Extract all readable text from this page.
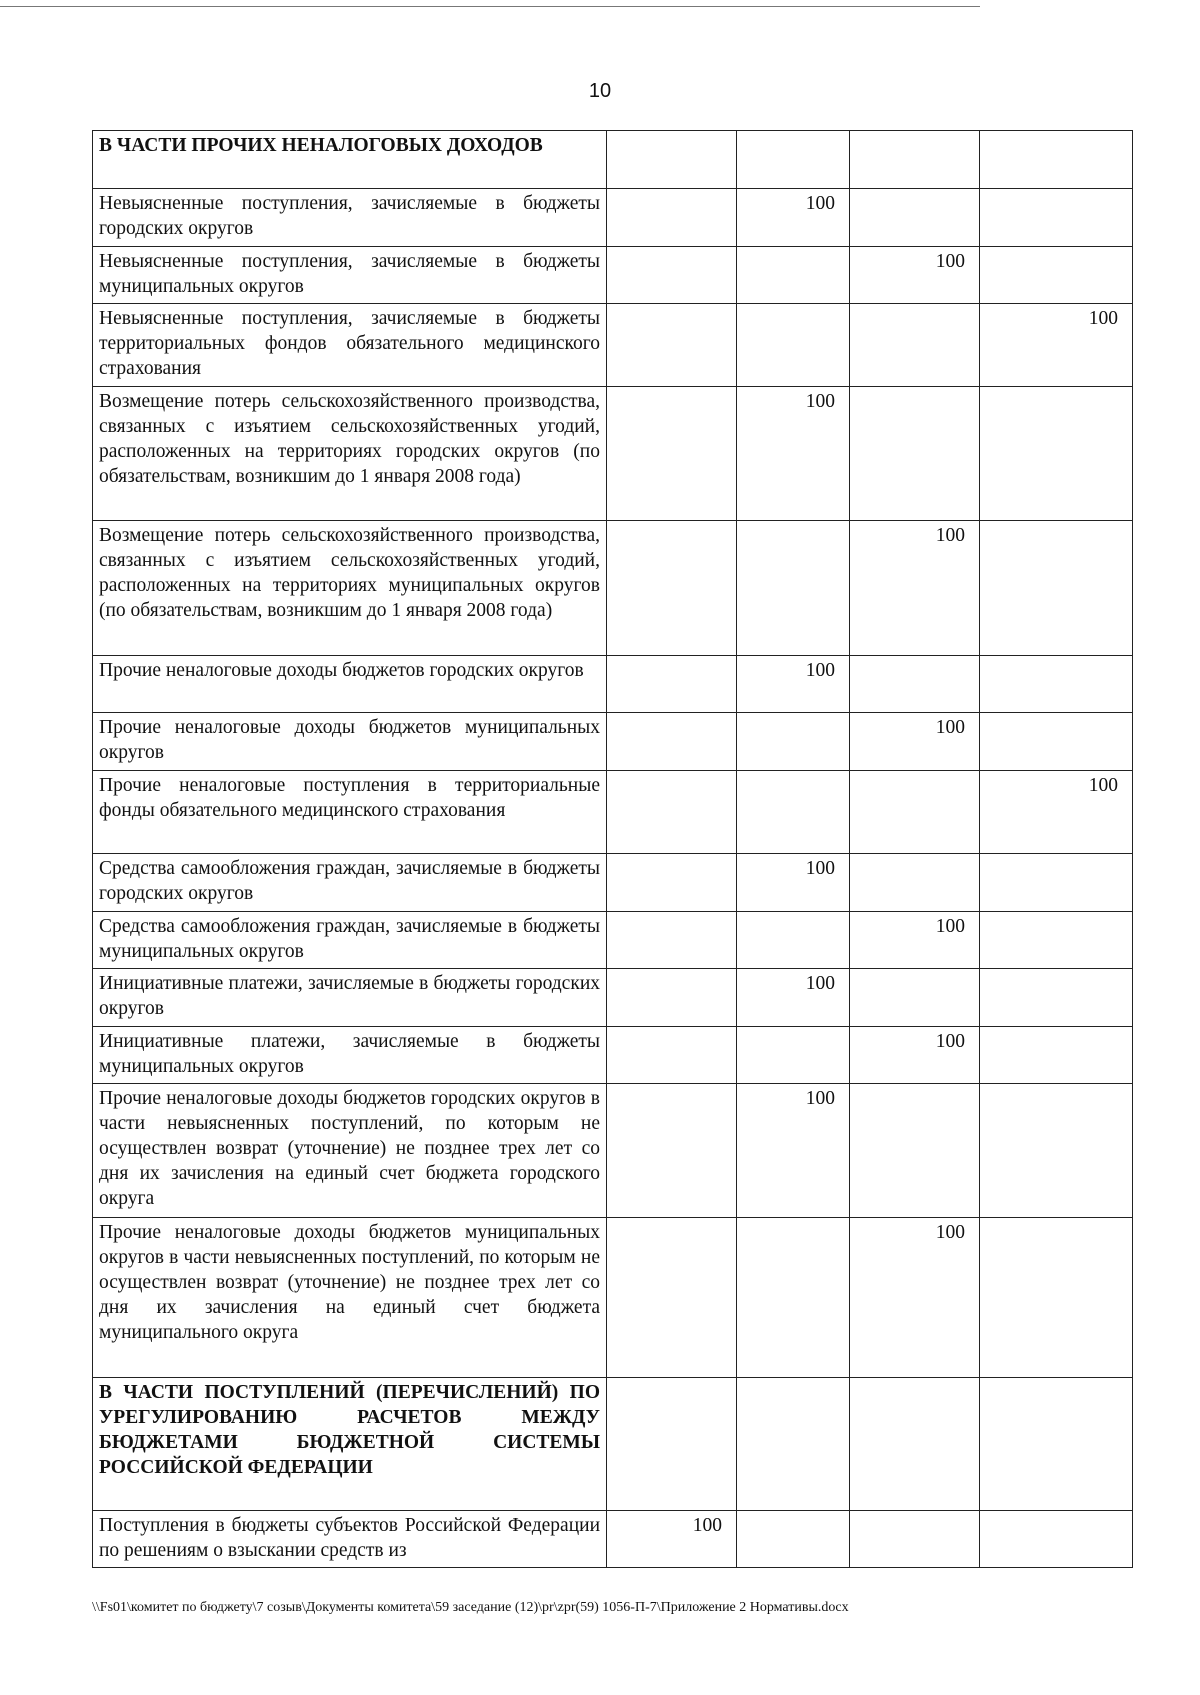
10
В ЧАСТИ ПРОЧИХ НЕНАЛОГОВЫХ ДОХОДОВ				
Невыясненные поступления, зачисляемые в бюджеты городских округов		100		
Невыясненные поступления, зачисляемые в бюджеты муниципальных округов			100	
Невыясненные поступления, зачисляемые в бюджеты территориальных фондов обязательного медицинского страхования				100
Возмещение потерь сельскохозяйственного производства, связанных с изъятием сельскохозяйственных угодий, расположенных на территориях городских округов (по обязательствам, возникшим до 1 января 2008 года)		100		
Возмещение потерь сельскохозяйственного производства, связанных с изъятием сельскохозяйственных угодий, расположенных на территориях муниципальных округов (по обязательствам, возникшим до 1 января 2008 года)			100	
Прочие неналоговые доходы бюджетов городских округов		100		
Прочие неналоговые доходы бюджетов муниципальных округов			100	
Прочие неналоговые поступления в территориальные фонды обязательного медицинского страхования				100
Средства самообложения граждан, зачисляемые в бюджеты городских округов		100		
Средства самообложения граждан, зачисляемые в бюджеты муниципальных округов			100	
Инициативные платежи, зачисляемые в бюджеты городских округов		100		
Инициативные платежи, зачисляемые в бюджеты муниципальных округов			100	
Прочие неналоговые доходы бюджетов городских округов в части невыясненных поступлений, по которым не осуществлен возврат (уточнение) не позднее трех лет со дня их зачисления на единый счет бюджета городского округа		100		
Прочие неналоговые доходы бюджетов муниципальных округов в части невыясненных поступлений, по которым не осуществлен возврат (уточнение) не позднее трех лет со дня их зачисления на единый счет бюджета муниципального округа			100	
В ЧАСТИ ПОСТУПЛЕНИЙ (ПЕРЕЧИСЛЕНИЙ) ПО УРЕГУЛИРОВАНИЮ РАСЧЕТОВ МЕЖДУ БЮДЖЕТАМИ БЮДЖЕТНОЙ СИСТЕМЫ РОССИЙСКОЙ ФЕДЕРАЦИИ				
Поступления в бюджеты субъектов Российской Федерации по решениям о взыскании средств из	100			
\\Fs01\комитет по бюджету\7 созыв\Документы комитета\59 заседание (12)\pr\zpr(59) 1056-П-7\Приложение 2 Нормативы.docx
